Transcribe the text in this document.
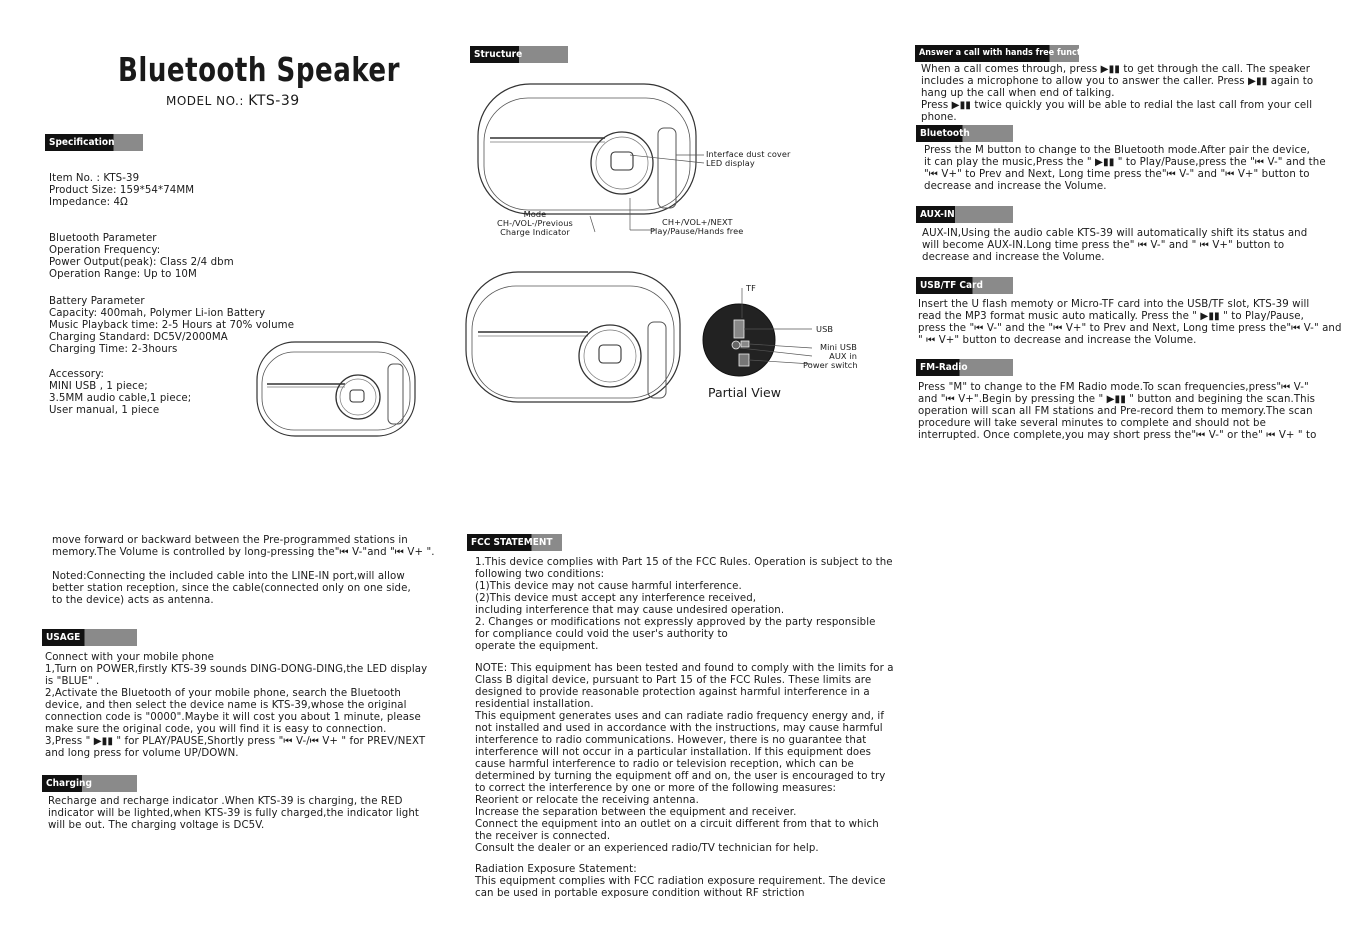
Bluetooth Speaker
MODEL NO.: KTS-39
Specification

Item No. : KTS-39

Product Size: 159*54*74MM

Impedance: 4Ω

Bluetooth Parameter

Operation Frequency:

Power Output(peak): Class 2/4 dbm

Operation Range: Up to 10M

Battery Parameter

Capacity: 400mah, Polymer Li-ion Battery

Music Playback time: 2-5 Hours at 70% volume

Charging Standard: DC5V/2000MA

Charging Time: 2-3hours

Accessory:

MINI USB , 1 piece;

3.5MM audio cable,1 piece;

User manual, 1 piece

move forward or backward between the Pre-programmed stations in

memory.The Volume is controlled by long-pressing the"⏮ V-"and "⏮ V+ ".

Noted:Connecting the included cable into the LINE-IN port,will allow

better station reception, since the cable(connected only on one side,

to the device) acts as antenna.

USAGE

Connect with your mobile phone

1,Turn on POWER,firstly KTS-39 sounds DING-DONG-DING,the LED display

is "BLUE" .

2,Activate the Bluetooth of your mobile phone, search the Bluetooth

device, and then select the device name is KTS-39,whose the original

connection code is "0000".Maybe it will cost you about 1 minute, please

make sure the original code, you will find it is easy to connection.

3,Press " ▶▮▮ " for PLAY/PAUSE,Shortly press "⏮ V-/⏮ V+ " for PREV/NEXT

and long press for volume UP/DOWN.

Charging

Recharge and recharge indicator .When KTS-39 is charging, the RED

indicator will be lighted,when KTS-39 is fully charged,the indicator light

will be out. The charging voltage is DC5V.

Structure

Interface dust cover

LED display

Mode

CH-/VOL-/Previous

Charge Indicator

CH+/VOL+/NEXT

Play/Pause/Hands free

TF
USB

Mini USB

AUX in

Power switch

Partial View
FCC STATEMENT

1.This device complies with Part 15 of the FCC Rules. Operation is subject to the

following two conditions:

(1)This device may not cause harmful interference.

(2)This device must accept any interference received,

including interference that may cause undesired operation.

2. Changes or modifications not expressly approved by the party responsible

for compliance could void the user's authority to

operate the equipment.

NOTE: This equipment has been tested and found to comply with the limits for a

Class B digital device, pursuant to Part 15 of the FCC Rules. These limits are

designed to provide reasonable protection against harmful interference in a

residential installation.

This equipment generates uses and can radiate radio frequency energy and, if

not installed and used in accordance with the instructions, may cause harmful

interference to radio communications. However, there is no guarantee that

interference will not occur in a particular installation. If this equipment does

cause harmful interference to radio or television reception, which can be

determined by turning the equipment off and on, the user is encouraged to try

to correct the interference by one or more of the following measures:

Reorient or relocate the receiving antenna.

Increase the separation between the equipment and receiver.

Connect the equipment into an outlet on a circuit different from that to which

the receiver is connected.

Consult the dealer or an experienced radio/TV technician for help.

Radiation Exposure Statement:

This equipment complies with FCC radiation exposure requirement. The device

can be used in portable exposure condition without RF striction

Answer a call with hands free function:

When a call comes through, press ▶▮▮ to get through the call. The speaker

includes a microphone to allow you to answer the caller. Press ▶▮▮ again to

hang up the call when end of talking.

Press ▶▮▮ twice quickly you will be able to redial the last call from your cell

phone.

Bluetooth

Press the M button to change to the Bluetooth mode.After pair the device,

it can play the music,Press the " ▶▮▮ " to Play/Pause,press the "⏮ V-" and the

"⏮ V+" to Prev and Next, Long time press the"⏮ V-" and "⏮ V+" button to

decrease and increase the Volume.

AUX-IN

AUX-IN,Using the audio cable KTS-39 will automatically shift its status and

will become AUX-IN.Long time press the" ⏮ V-" and " ⏮ V+" button to

decrease and increase the Volume.

USB/TF Card

Insert the U flash memoty or Micro-TF card into the USB/TF slot, KTS-39 will

read the MP3 format music auto matically. Press the " ▶▮▮ " to Play/Pause,

press the "⏮ V-" and the "⏮ V+" to Prev and Next, Long time press the"⏮ V-" and

" ⏮ V+" button to decrease and increase the Volume.

FM-Radio

Press "M" to change to the FM Radio mode.To scan frequencies,press"⏮ V-"

and "⏮ V+".Begin by pressing the " ▶▮▮ " button and begining the scan.This

operation will scan all FM stations and Pre-record them to memory.The scan

procedure will take several minutes to complete and should not be

interrupted. Once complete,you may short press the"⏮ V-" or the" ⏮ V+ " to
